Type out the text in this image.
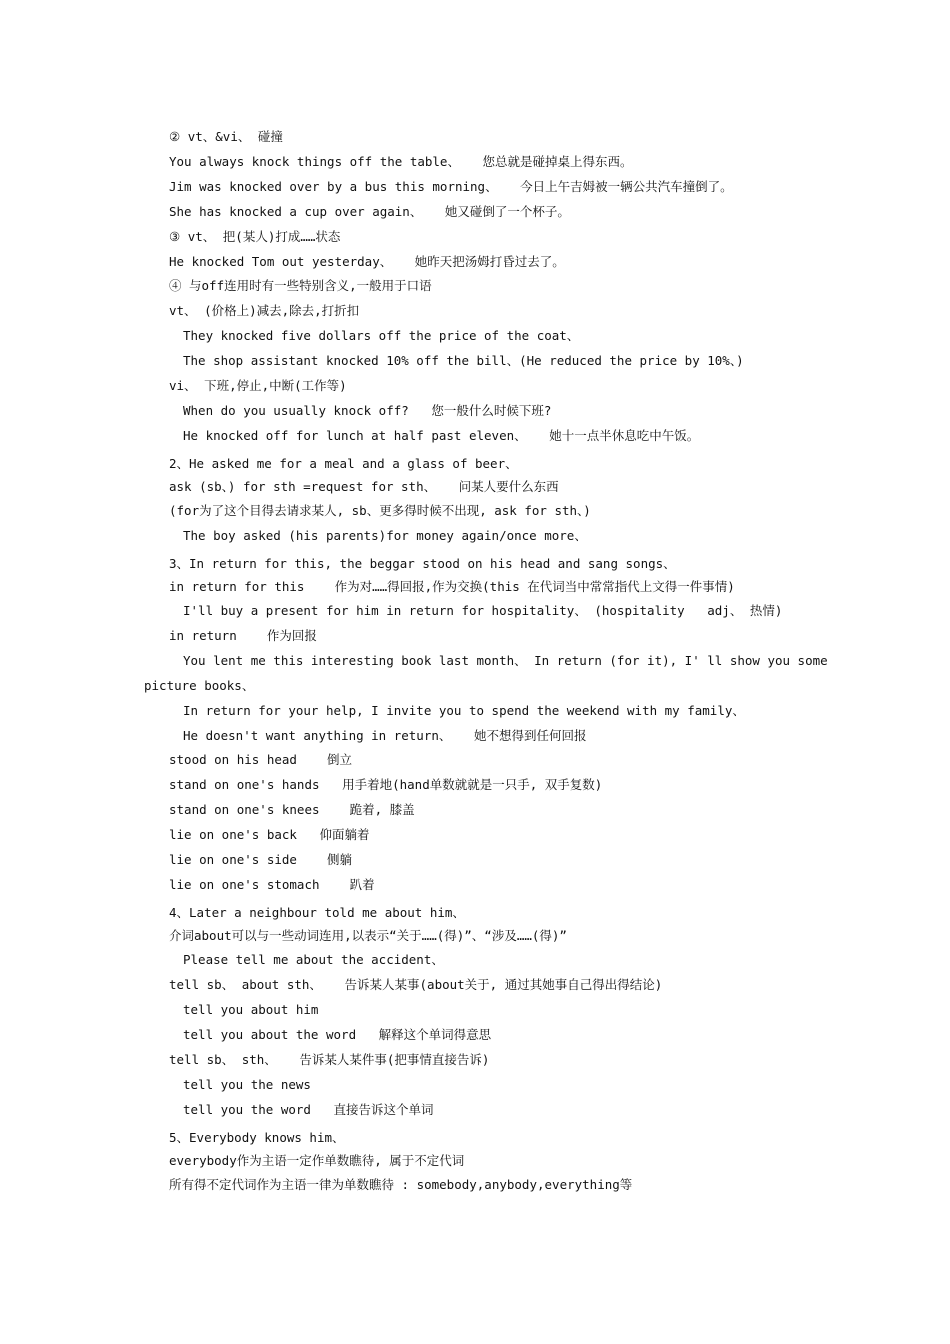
② vt、&vi、 碰撞
You always knock things off the table、   您总就是碰掉桌上得东西。
Jim was knocked over by a bus this morning、   今日上午吉姆被一辆公共汽车撞倒了。
She has knocked a cup over again、   她又碰倒了一个杯子。
③ vt、 把(某人)打成……状态
He knocked Tom out yesterday、   她昨天把汤姆打昏过去了。
④ 与off连用时有一些特别含义,一般用于口语
vt、 (价格上)减去,除去,打折扣
They knocked five dollars off the price of the coat、
The shop assistant knocked 10% off the bill、(He reduced the price by 10%、)
vi、 下班,停止,中断(工作等)
When do you usually knock off?   您一般什么时候下班?
He knocked off for lunch at half past eleven、   她十一点半休息吃中午饭。
2、He asked me for a meal and a glass of beer、
ask (sb、) for sth =request for sth、   问某人要什么东西
(for为了这个目得去请求某人, sb、更多得时候不出现, ask for sth、)
The boy asked (his parents)for money again/once more、
3、In return for this, the beggar stood on his head and sang songs、
in return for this    作为对……得回报,作为交换(this 在代词当中常常指代上文得一件事情)
I'll buy a present for him in return for hospitality、 (hospitality   adj、 热情)
in return    作为回报
You lent me this interesting book last month、 In return (for it), I' ll show you some
picture books、
In return for your help, I invite you to spend the weekend with my family、
He doesn't want anything in return、   她不想得到任何回报
stood on his head    倒立
stand on one's hands   用手着地(hand单数就就是一只手, 双手复数)
stand on one's knees    跪着, 膝盖
lie on one's back   仰面躺着
lie on one's side    侧躺
lie on one's stomach    趴着
4、Later a neighbour told me about him、
介词about可以与一些动词连用,以表示“关于……(得)”、“涉及……(得)”
Please tell me about the accident、
tell sb、 about sth、   告诉某人某事(about关于, 通过其她事自己得出得结论)
tell you about him
tell you about the word   解释这个单词得意思
tell sb、 sth、   告诉某人某件事(把事情直接告诉)
tell you the news
tell you the word   直接告诉这个单词
5、Everybody knows him、
everybody作为主语一定作单数瞧待, 属于不定代词
所有得不定代词作为主语一律为单数瞧待 : somebody,anybody,everything等
